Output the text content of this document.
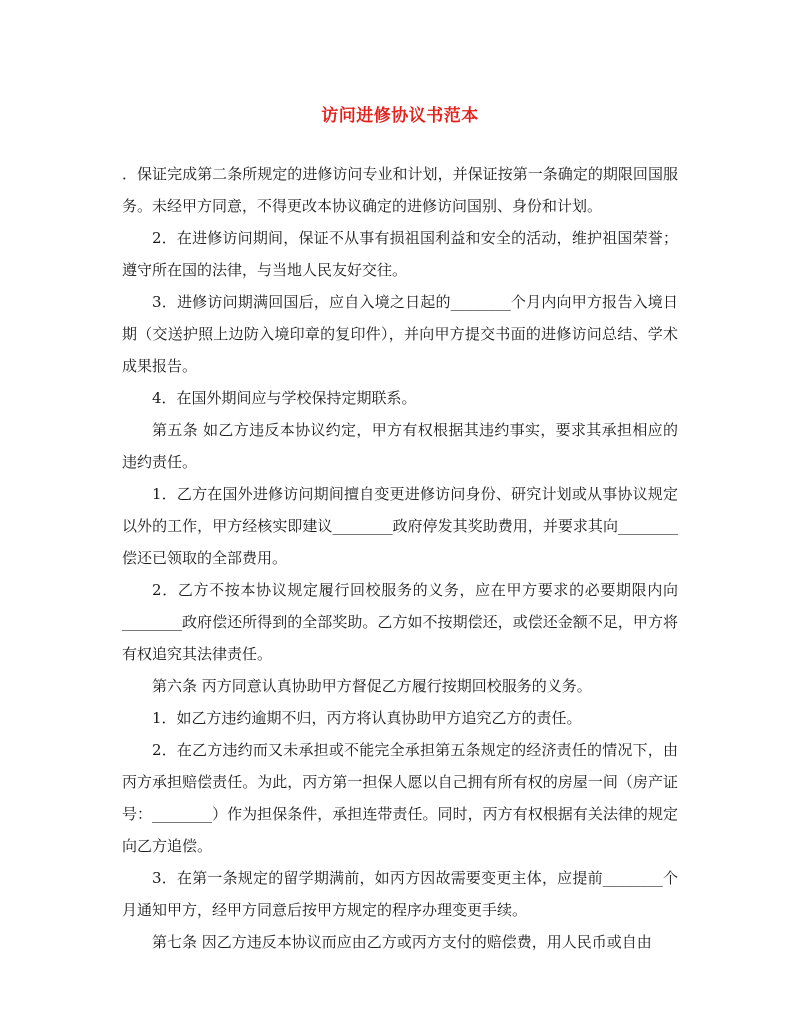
访问进修协议书范本

．保证完成第二条所规定的进修访问专业和计划，并保证按第一条确定的期限回国服务。未经甲方同意，不得更改本协议确定的进修访问国别、身份和计划。

2．在进修访问期间，保证不从事有损祖国利益和安全的活动，维护祖国荣誉；遵守所在国的法律，与当地人民友好交往。

3．进修访问期满回国后，应自入境之日起的________个月内向甲方报告入境日期（交送护照上边防入境印章的复印件），并向甲方提交书面的进修访问总结、学术成果报告。

4．在国外期间应与学校保持定期联系。

第五条 如乙方违反本协议约定，甲方有权根据其违约事实，要求其承担相应的违约责任。

1．乙方在国外进修访问期间擅自变更进修访问身份、研究计划或从事协议规定以外的工作，甲方经核实即建议________政府停发其奖助费用，并要求其向________偿还已领取的全部费用。

2．乙方不按本协议规定履行回校服务的义务，应在甲方要求的必要期限内向________政府偿还所得到的全部奖助。乙方如不按期偿还，或偿还金额不足，甲方将有权追究其法律责任。

第六条 丙方同意认真协助甲方督促乙方履行按期回校服务的义务。

1．如乙方违约逾期不归，丙方将认真协助甲方追究乙方的责任。

2．在乙方违约而又未承担或不能完全承担第五条规定的经济责任的情况下，由丙方承担赔偿责任。为此，丙方第一担保人愿以自己拥有所有权的房屋一间（房产证号：________）作为担保条件，承担连带责任。同时，丙方有权根据有关法律的规定向乙方追偿。

3．在第一条规定的留学期满前，如丙方因故需要变更主体，应提前________个月通知甲方，经甲方同意后按甲方规定的程序办理变更手续。

第七条 因乙方违反本协议而应由乙方或丙方支付的赔偿费，用人民币或自由
